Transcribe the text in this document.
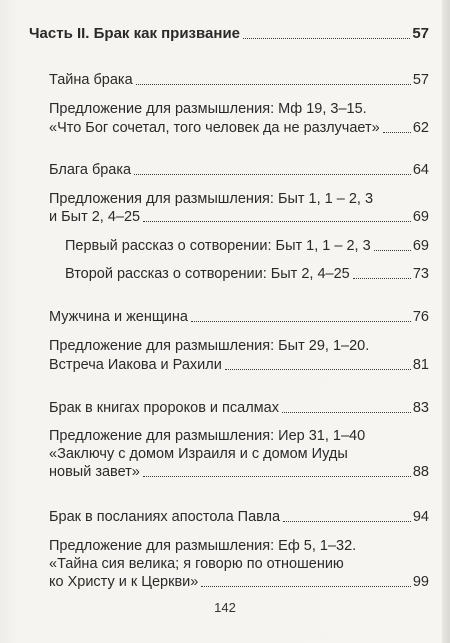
Часть II. Брак как призвание	57
Тайна брака	57
Предложение для размышления: Мф 19, 3–15.
«Что Бог сочетал, того человек да не разлучает» 62
Блага брака	64
Предложения для размышления: Быт 1, 1 – 2, 3
и Быт 2, 4–25	69
Первый рассказ о сотворении: Быт 1, 1 – 2, 3	69
Второй рассказ о сотворении: Быт 2, 4–25	73
Мужчина и женщина	76
Предложение для размышления: Быт 29, 1–20.
Встреча Иакова и Рахили	81
Брак в книгах пророков и псалмах	83
Предложение для размышления: Иер 31, 1–40
«Заключу с домом Израиля и с домом Иуды
новый завет»	88
Брак в посланиях апостола Павла	94
Предложение для размышления: Еф 5, 1–32.
«Тайна сия велика; я говорю по отношению
ко Христу и к Церкви»	99
142
